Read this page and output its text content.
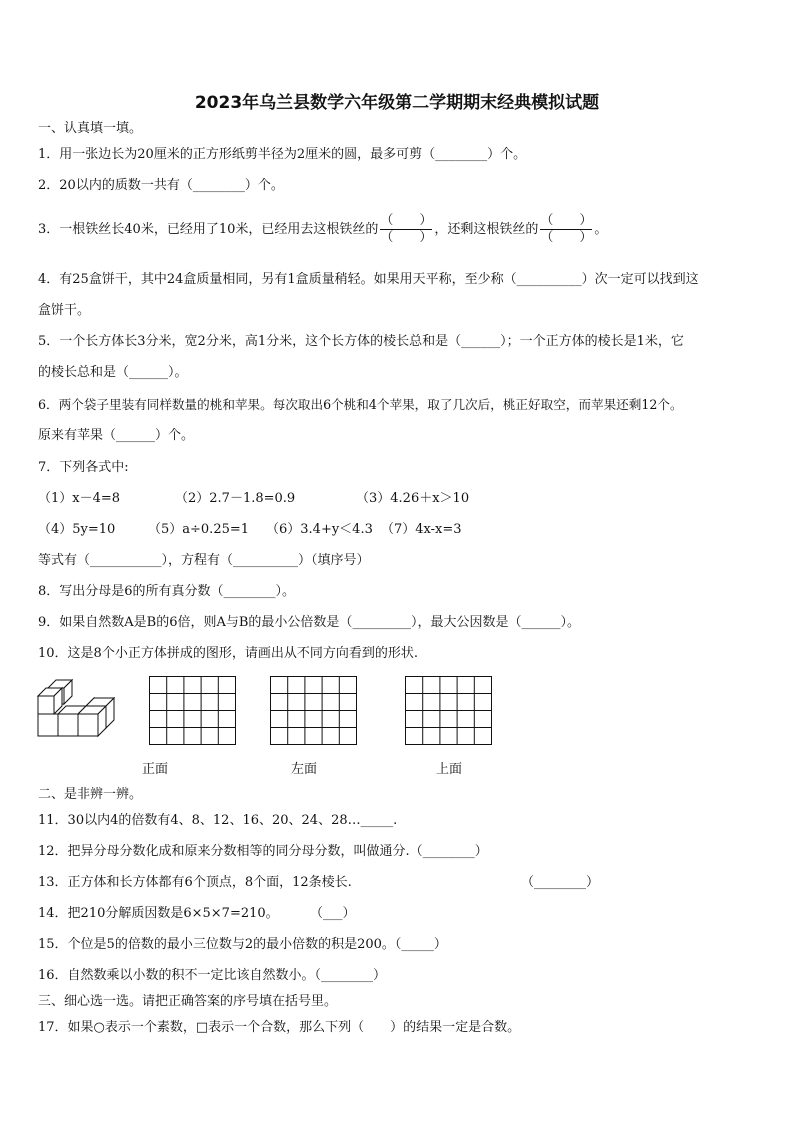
2023年乌兰县数学六年级第二学期期末经典模拟试题
一、认真填一填。
1．用一张边长为20厘米的正方形纸剪半径为2厘米的圆，最多可剪（________）个。
2．20以内的质数一共有（________）个。
3．一根铁丝长40米，已经用了10米，已经用去这根铁丝的 $\frac{( )}{( )}$ ，还剩这根铁丝的 $\frac{( )}{( )}$ 。
4．有25盒饼干，其中24盒质量相同，另有1盒质量稍轻。如果用天平称，至少称（__________）次一定可以找到这
盒饼干。
5．一个长方体长3分米，宽2分米，高1分米，这个长方体的棱长总和是（______）；一个正方体的棱长是1米，它
的棱长总和是（______）。
6．两个袋子里装有同样数量的桃和苹果。每次取出6个桃和4个苹果，取了几次后，桃正好取空，而苹果还剩12个。
原来有苹果（______）个。
7．下列各式中:
（1）x－4=8	（2）2.7－1.8=0.9	（3）4.26＋x＞10
（4）5y=10	（5）a÷0.25=1 （6）3.4+y＜4.3 （7）4x-x=3
等式有（___________），方程有（__________）（填序号）
8．写出分母是6的所有真分数（________）。
9．如果自然数A是B的6倍，则A与B的最小公倍数是（_________），最大公因数是（______）。
10．这是8个小正方体拼成的图形，请画出从不同方向看到的形状.
正面	左面	上面
二、是非辨一辨。
11．30以内4的倍数有4、8、12、16、20、24、28…_____.
12．把异分母分数化成和原来分数相等的同分母分数，叫做通分.（________）
13．正方体和长方体都有6个顶点，8个面，12条棱长.	（________）
14．把210分解质因数是6×5×7=210。 （___）
15．个位是5的倍数的最小三位数与2的最小倍数的积是200。（_____）
16．自然数乘以小数的积不一定比该自然数小。（________）
三、细心选一选。请把正确答案的序号填在括号里。
17．如果○表示一个素数，□表示一个合数，那么下列（　　）的结果一定是合数。
